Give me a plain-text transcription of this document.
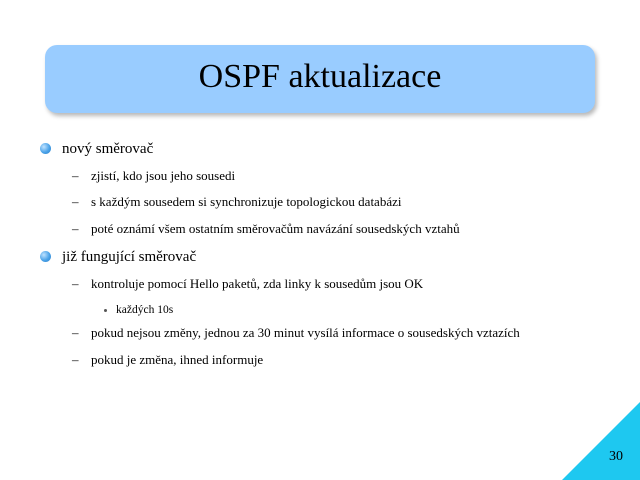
OSPF aktualizace
nový směrovač
– zjistí, kdo jsou jeho sousedi
– s každým sousedem si synchronizuje topologickou databázi
– poté oznámí všem ostatním směrovačům navázání sousedských vztahů
již fungující směrovač
– kontroluje pomocí Hello paketů, zda linky k sousedům jsou OK
každých 10s
– pokud nejsou změny, jednou za 30 minut vysílá informace o sousedských vztazích
– pokud je změna, ihned informuje
30
